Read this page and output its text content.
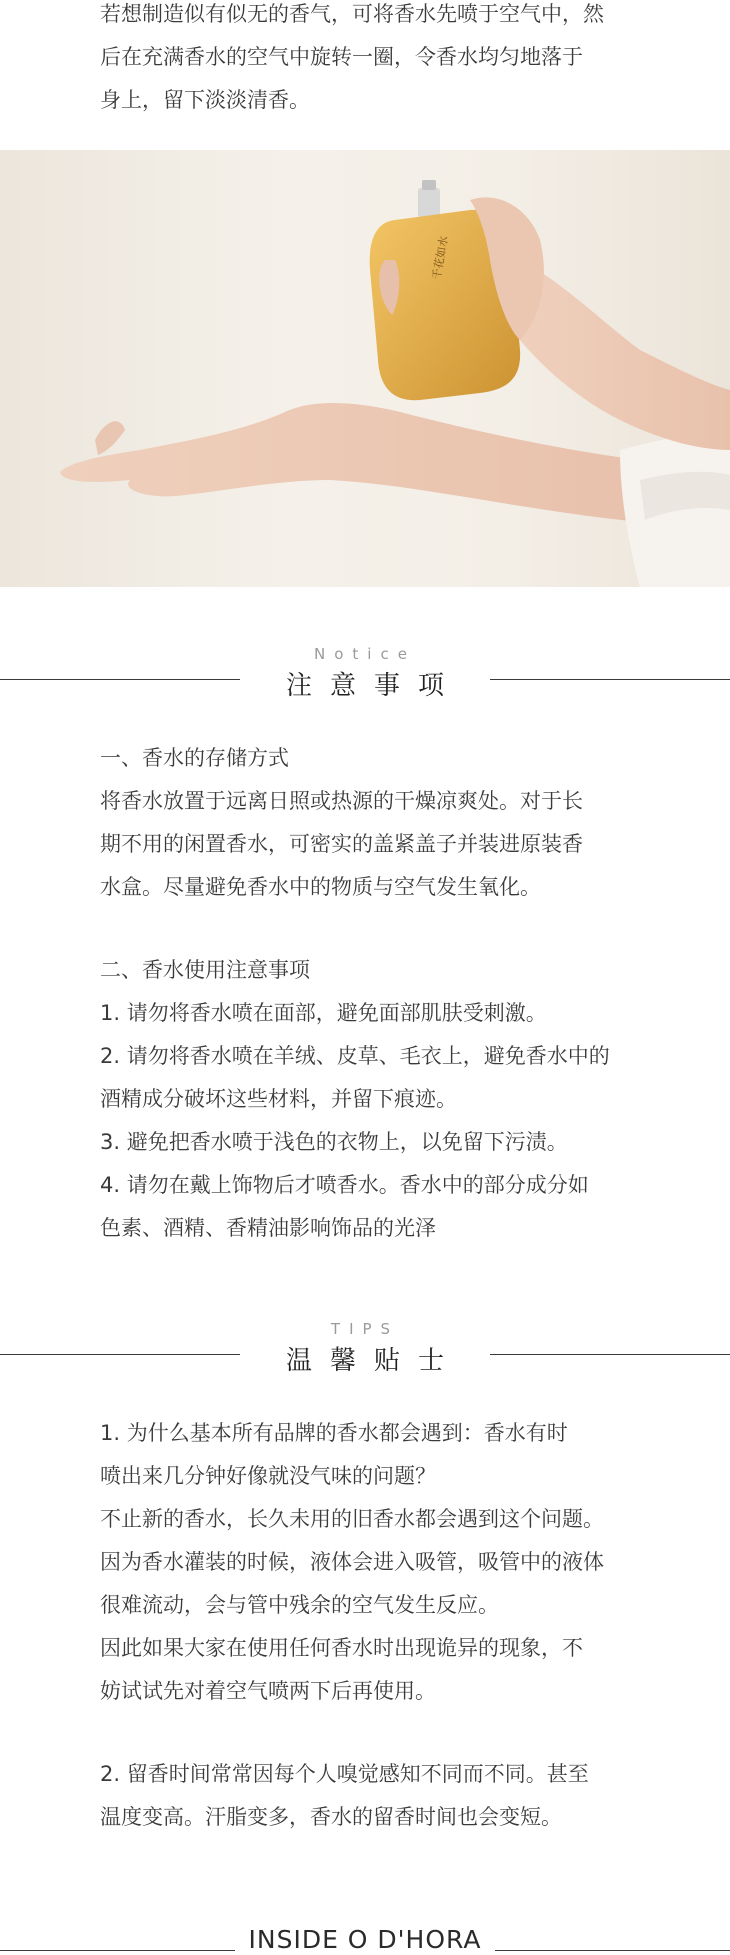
若想制造似有似无的香气，可将香水先喷于空气中，然

后在充满香水的空气中旋转一圈，令香水均匀地落于

身上，留下淡淡清香。

千花如水
Notice
注意事项

一、香水的存储方式

将香水放置于远离日照或热源的干燥凉爽处。对于长

期不用的闲置香水，可密实的盖紧盖子并装进原装香

水盒。尽量避免香水中的物质与空气发生氧化。

二、香水使用注意事项

1. 请勿将香水喷在面部，避免面部肌肤受刺激。

2. 请勿将香水喷在羊绒、皮草、毛衣上，避免香水中的

酒精成分破坏这些材料，并留下痕迹。

3. 避免把香水喷于浅色的衣物上，以免留下污渍。

4. 请勿在戴上饰物后才喷香水。香水中的部分成分如

色素、酒精、香精油影响饰品的光泽

TIPS
温馨贴士

1. 为什么基本所有品牌的香水都会遇到：香水有时

喷出来几分钟好像就没气味的问题？

不止新的香水，长久未用的旧香水都会遇到这个问题。

因为香水灌装的时候，液体会进入吸管，吸管中的液体

很难流动，会与管中残余的空气发生反应。

因此如果大家在使用任何香水时出现诡异的现象，不

妨试试先对着空气喷两下后再使用。

2. 留香时间常常因每个人嗅觉感知不同而不同。甚至

温度变高。汗脂变多，香水的留香时间也会变短。

INSIDE O D'HORA
